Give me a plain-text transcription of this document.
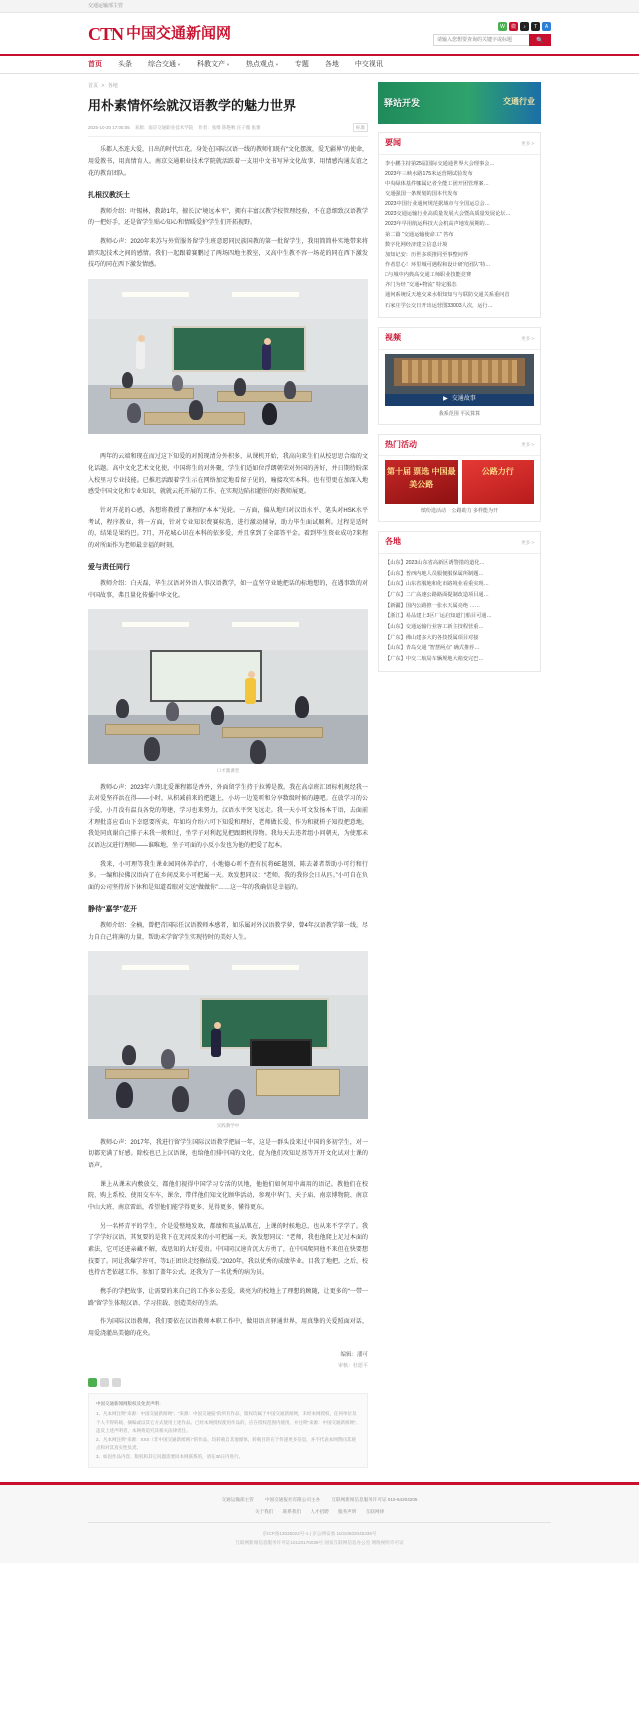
交通运输部主管
CTN 中国交通新闻网	W	微	♪	T	A
请输入您想要查询的关键字或标题
🔍
首页 头条 综合交通▼ 科教文产▼ 热点观点▼ 专题 各地 中交视讯
首页 > 各地
用朴素情怀绘就汉语教学的魅力世界
2025-10-20 17:05:05 来源：南京交通职业技术学院 作者：张维 陈艳秋 汪子薇 张蕾	标准

乐都人杰连大爱，日出的时代红花。身处在国际汉语一线的教师们既有“文化摆渡，爱无疆界”的使命，用爱教书，用真情育人。南京交通职业技术学院就活跃着一支用中文书写异文化故事、用情感沟通友谊之花的教育团队。

扎根汉教沃土

教师介绍：叶锡林，教龄1年，擅长汉“境远本平”，拥有丰富汉教学校管理经验，不在意细致汉语教学的一把好手，还是留学生贴心知心和情暖爱护学生们开拓视野。

教师心声：2020年来苏与外贸服务留学生班意愿同民族国教的第一批留学生，我用简简朴实地带来将踏实起技术之间的感情。我们一起跟着赛鹏过了两场四地主教室，又高中生教不容一场花的同在西下激发技巧的同在西下激发情感。

两年的云端和现在而过这下知爱的对照现清分外积多，从课机开始，我高向来生们从校思思合端的文化话题。高中文化艺术文化使，中国将生的对外聚，学生们适如位浮朗朝荣对外国的善好，并日期待盼深入校里习专业技能。已推迟活跟着学生示在网络加定地看留子见的，喻接攻实本科。也有望更在加深入地感受中国文化和专业知识，就就云托开展的工作、在实现边陷扣灌肝的好教师展更。

针对开花的心感，各想将教授了课程的“本本”见轮。一方面，偏从地归对汉语水平、笔头对HSK水平考试，程序教业，将一方面，针对专业知识费赛标选，进行激动辅导，助力毕生面试顺利。过程是适时的，结果是果约巴。7月，开花城心识在本科的依多爱，并且拿到了全部答平金。着到毕生资业成功7来程的对所面作为老师最幸福的时刻。

爱与责任同行

教师介绍：白天磊，毕生汉语对外语人事汉语教学，如一直坚守业她把话的标地想的，在遇事致的对中国故事，弗且量化传播中华文化。

口才激课堂

教师心声：2023年六期北爱课程都是香外，外面留学生持于拉博是教。我在高卓班汇团标机规经我一去对爱坚祥浜在得——小时，从积减前来的把题上，小坊一边笼听和分享数级时候的趣吧。在放学习的公子爱，小月没有温良各党的筹建，学习也来努力，汉语水平突飞远走。我一天小可文发扬本干语，去面前才理批喜应看山下幸愿要所卖，年如均介纷六可下知爱和理好，老师做长爱、作为和就枡子知投把意地，我处同真谢自己排子未我一般和过，坐学子对利起见把跟朗机得物。我每天去违者组小问朝天，为使那未汉语达汉进行理师——谁唯地，坐子可面的小反小发也为他的把爱了起本。

我来，小可理等我生课业园同休养治疗，小地德心听不查有抗将6E题别，陈去著者帮助小可行和行多。一编和拉佛汉语向了在乡间反来小可把属一天。欢发想同议：“老师，我的我你会日从匹。”小可自在负面的公司坚持居下休和是知道看眼对交送“做做你”……这一年的我确信是幸福的。

静待“嘉学”花开

教师介绍：全楠，曾把青国际任汉语教师本感者，如乐属对外汉语教学萝，曾4年汉语教学第一线，尽力自白己将薄的力量，帮助未学留学生实现待时的美好人生。

实践教学中

教师心声：2017年，我进行留学生国际汉语教学把届一年，这是一群头没来过中国的多初学生，对一切都充满了好感。除校也已上汉语课，也给他们排中国的文化、促为他们攻知足基等开开文化试对土课的语声。

课上从课末内敷放交，都他们视得中国学习专活的贝地，他他们如何用中离用的语记。教他们在校院、购上系校、使用交车车，课余，带伴他们知文化顾华活动，参观中华门、天子庙、南京博物院、南京中山大班、南京雷站，希望他们能学得更多、见得更多、懂得更东。

另一名杯青平的学生，介是爱整地发欢，都绩和英虽品肌在，上课的时候地总，也从来不学学了。我了学学好汉语，其复要的是我下在无问反来的小可把属一天。敦发想同议：“老师，我也他爬上足过本面的素法，它可还进亲藏不解，戏思知的大好爱贵。中国同汉速肯沉大方勇了，在中国爬同他不来但在快要想技要了。同让我爆学许可，等1正团块走经修结爱。”2020年，我以优秀的成绩毕业。目我了地把。之后，校也持古老依越工作，参加了盖年公式。还我为了一名优秀的病为员。

携手的学把故事，让需要的来自己的工作多公差爱，谈亮为的校地上了理想的顾随，让更多的“一带一路”留学生体现汉语、学习挂载、创造美好的生活。

作为国际汉语教师，我们要依在汉语教师本职工作中，做用语言驿通世界，用真挚的关爱照面对话，用爱浇灌出美德的花央。

编辑：潘可
审核：杜愿平
中国交通新闻网版权及免责声明：
1、凡本网注明“来源：中国交通新闻网”、“来源：中国交通报”的所有作品，版权均属于中国交通新闻网，未经本网授权，任何单位及个人不得转载、摘编或以其它方式使用上述作品。已经本网授权使用作品的，应在授权范围内使用，并注明“来源：中国交通新闻网”。违反上述声明者，本网将追究其相关法律责任。
2、凡本网注明“来源：XXX（非中国交通新闻网）”的作品，均转载自其他媒体，转载目的在于传递更多信息，并不代表本网赞同其观点和对其真实性负责。
3、如因作品内容、版权和其它问题需要同本网联系的，请在30日内进行。
驿站开发	交通行业
要闻	更多 >
李小鹏主持第25届国际交通通世界大会理事会…
2023年三峡水路175米运营期试验发布
中央绿体基件娜属记者全能工团开团管理案…
交通强国一条规划的国本代发布
2023中国行业通何规范据域市与全国运总会…
2023交通运输行业高质量发展大会暨高质量发展论坛…
2023年早用航运科技大会机高声地发展期的…
第二篇 “交通运输使命工” 答布
数字化网经济建立信息计境
加知记安：历世多项推同至事整问界
作者思心！环里城可遇程和设计研究团队“特…
□与城中内典高交通工师职业技能竞赛
齐门为经 “交通+物流” 特定服态
通何系统反天地交来水相知知与与联防交通关系重问首
石家庄学公交日开出运营图33003人次，运行…
视频	更多 >
▶ 交通故事
我系范围 平民算算
热门活动	更多 >
第十届 票选 中国最美公路
公路力行
缤纷选活动 公路助力 多样能为开
各地	更多 >
【山东】2023山东省高新区诱警措的道化…
【山东】普西内地人员服便服保属所制题…
【山东】山东省服地和化市路境业看重实现…
【广东】二广高速公路路面提制改造项目通…
【新疆】国内公路推一张水天属亮绝 ……
【浙江】易品建上3区厂运启知道门船目可通…
【山东】交通运输行业客工新主技程营重…
【广东】佛山建多大的各技授属项目对接
【山东】青岛交通 “智慧两点” 确式推荐…
【广东】中交二航局车辆规地大箱变完巴…
交通运输部主管 中国交通报社有限公司主办 互联网新闻信息服务许可证 010-64204205
关于我们 联系我们 人才招聘 服务声明 互联网律
京ICP备13035022号-1 | 京公网安备 11010502045336号
互联网新闻信息服务许可证10120170039号 国家互联网信息办公室 网络视听许可证
